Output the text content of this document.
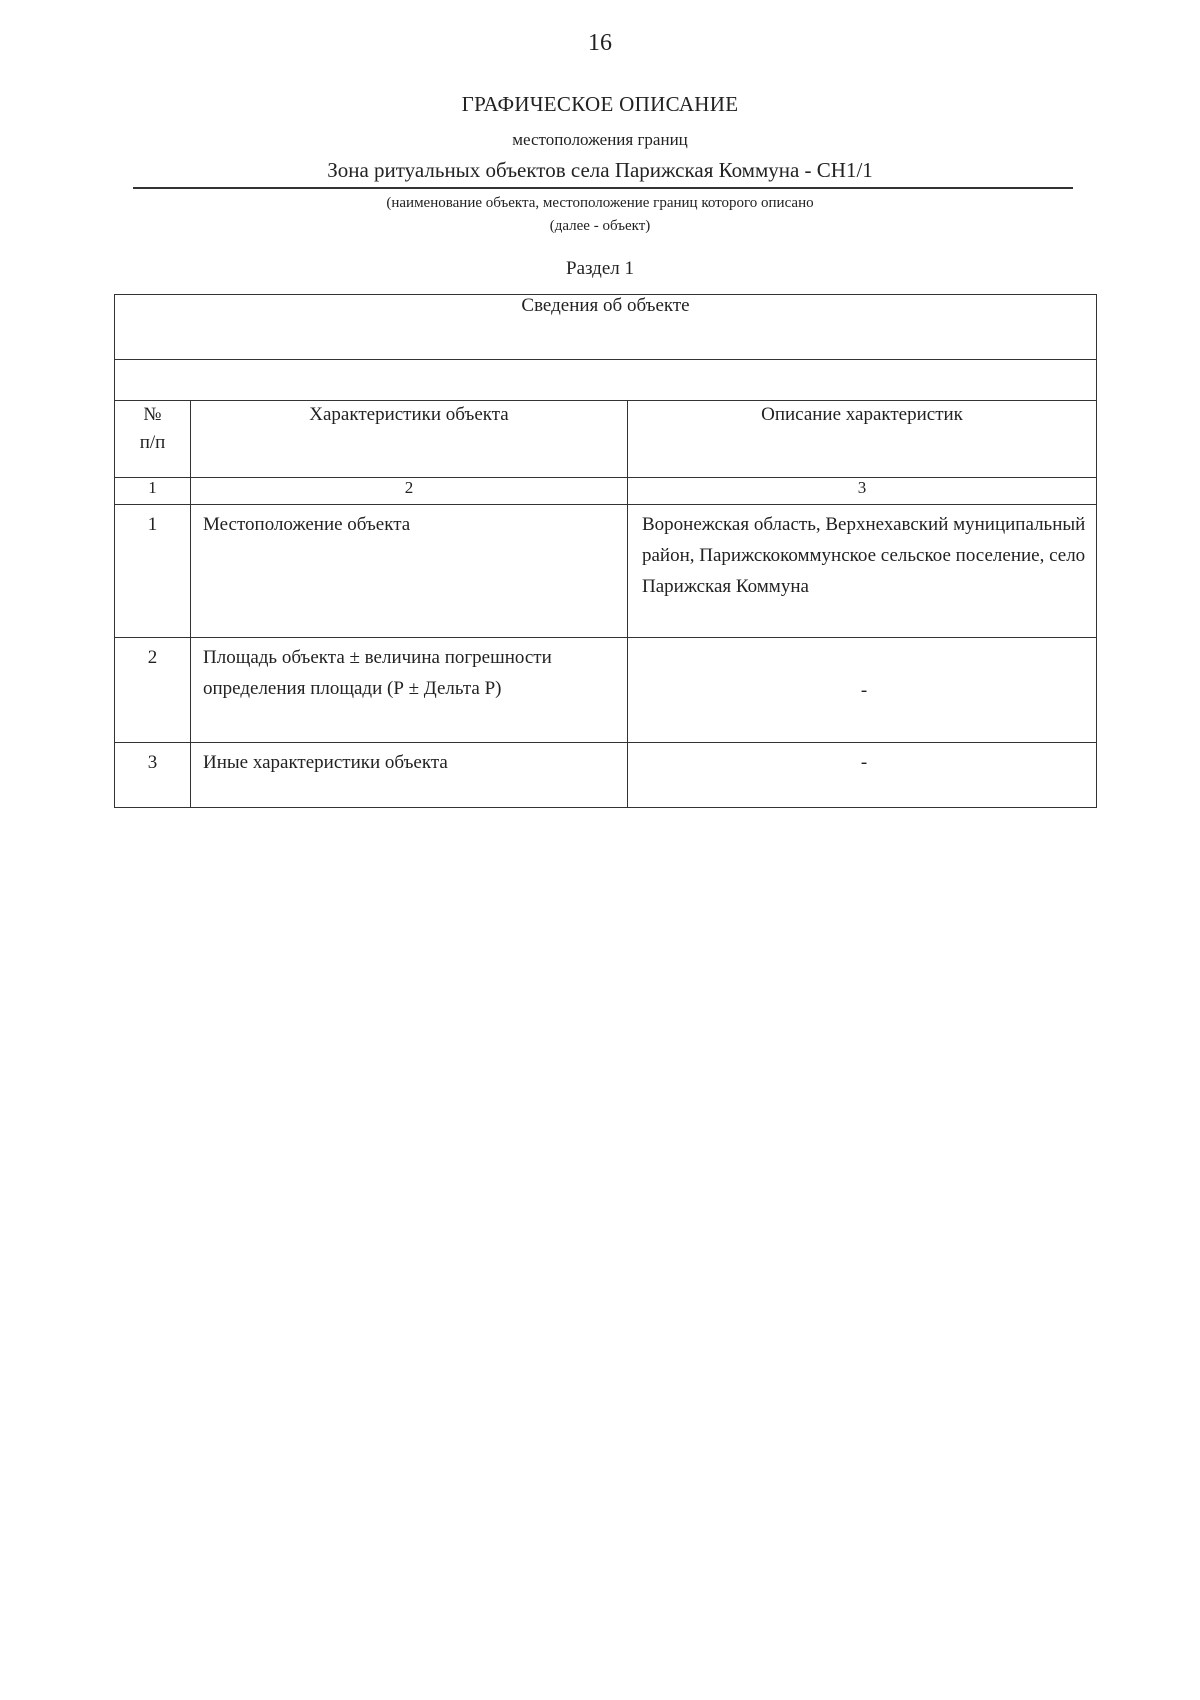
16
ГРАФИЧЕСКОЕ ОПИСАНИЕ
местоположения границ
Зона ритуальных объектов села Парижская Коммуна - СН1/1
(наименование объекта, местоположение границ которого описано
(далее - объект)
Раздел 1
Сведения об объекте		

№
п/п	Характеристики объекта	Описание характеристик
1	2	3
1	Местоположение объекта	Воронежская область, Верхнехавский муниципальный район, Парижскокоммунское сельское поселение, село Парижская Коммуна
2	Площадь объекта ± величина погрешности определения площади (Р ± Дельта Р)	-
3	Иные характеристики объекта	-
